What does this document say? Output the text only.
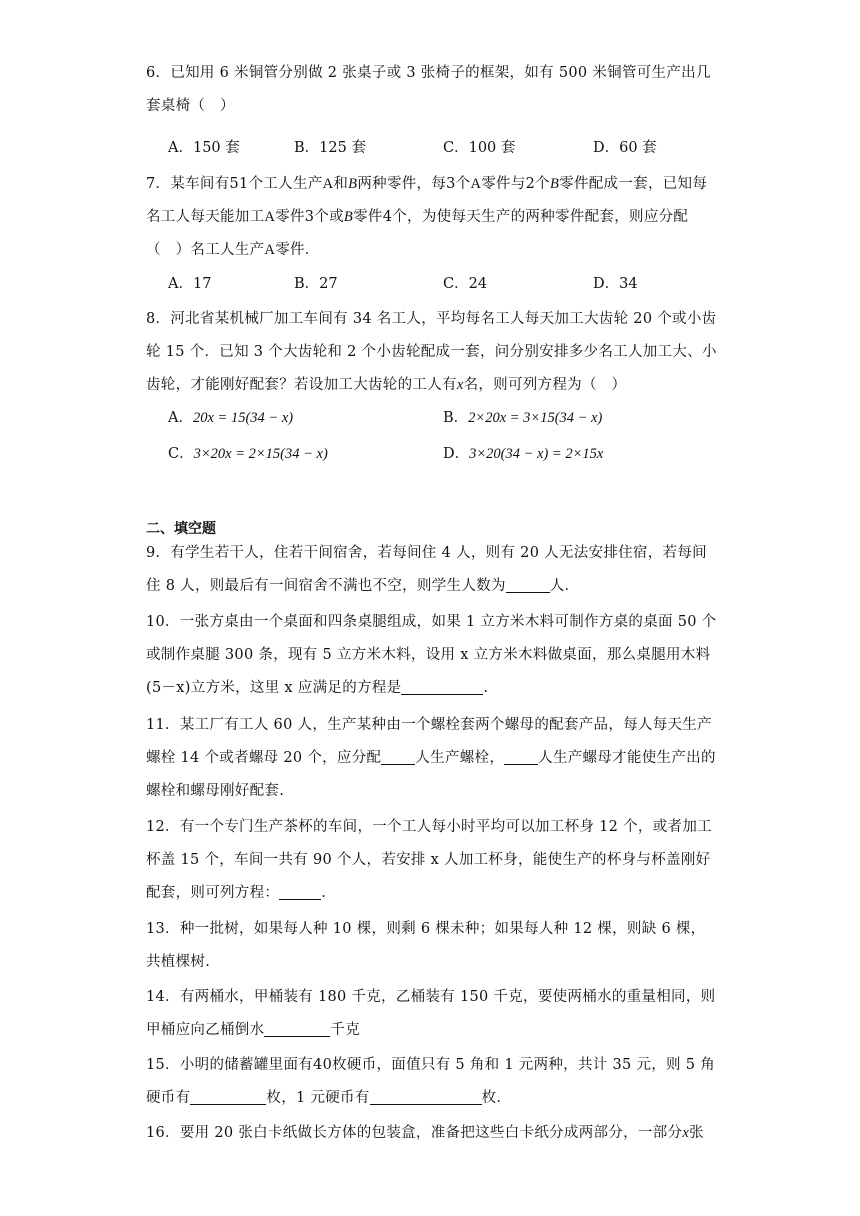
6．已知用 6 米铜管分别做 2 张桌子或 3 张椅子的框架，如有 500 米铜管可生产出几套桌椅（　）

A．150 套	B．125 套	C．100 套	D．60 套

7．某车间有51个工人生产A和B两种零件，每3个A零件与2个B零件配成一套，已知每名工人每天能加工A零件3个或B零件4个，为使每天生产的两种零件配套，则应分配（　）名工人生产A零件．

A．17	B．27	C．24	D．34

8．河北省某机械厂加工车间有 34 名工人，平均每名工人每天加工大齿轮 20 个或小齿轮 15 个．已知 3 个大齿轮和 2 个小齿轮配成一套，问分别安排多少名工人加工大、小齿轮，才能刚好配套？若设加工大齿轮的工人有x名，则可列方程为（　）

A．20x = 15(34 − x)	B．2×20x = 3×15(34 − x)
C．3×20x = 2×15(34 − x)	D．3×20(34 − x) = 2×15x
二、填空题

9．有学生若干人，住若干间宿舍，若每间住 4 人，则有 20 人无法安排住宿，若每间住 8 人，则最后有一间宿舍不满也不空，则学生人数为	人．

10．一张方桌由一个桌面和四条桌腿组成，如果 1 立方米木料可制作方桌的桌面 50 个或制作桌腿 300 条，现有 5 立方米木料，设用 x 立方米木料做桌面，那么桌腿用木料(5－x)立方米，这里 x 应满足的方程是	.

11．某工厂有工人 60 人，生产某种由一个螺栓套两个螺母的配套产品，每人每天生产螺栓 14 个或者螺母 20 个，应分配 人生产螺栓， 人生产螺母才能使生产出的螺栓和螺母刚好配套.

12．有一个专门生产茶杯的车间，一个工人每小时平均可以加工杯身 12 个，或者加工杯盖 15 个，车间一共有 90 个人，若安排 x 人加工杯身，能使生产的杯身与杯盖刚好配套，则可列方程：	．

13．种一批树，如果每人种 10 棵，则剩 6 棵未种；如果每人种 12 棵，则缺 6 棵，共植棵树.

14．有两桶水，甲桶装有 180 千克，乙桶装有 150 千克，要使两桶水的重量相同，则甲桶应向乙桶倒水	千克

15．小明的储蓄罐里面有40枚硬币，面值只有 5 角和 1 元两种，共计 35 元，则 5 角硬币有	枚，1 元硬币有	枚．

16．要用 20 张白卡纸做长方体的包装盒，准备把这些白卡纸分成两部分，一部分x张
